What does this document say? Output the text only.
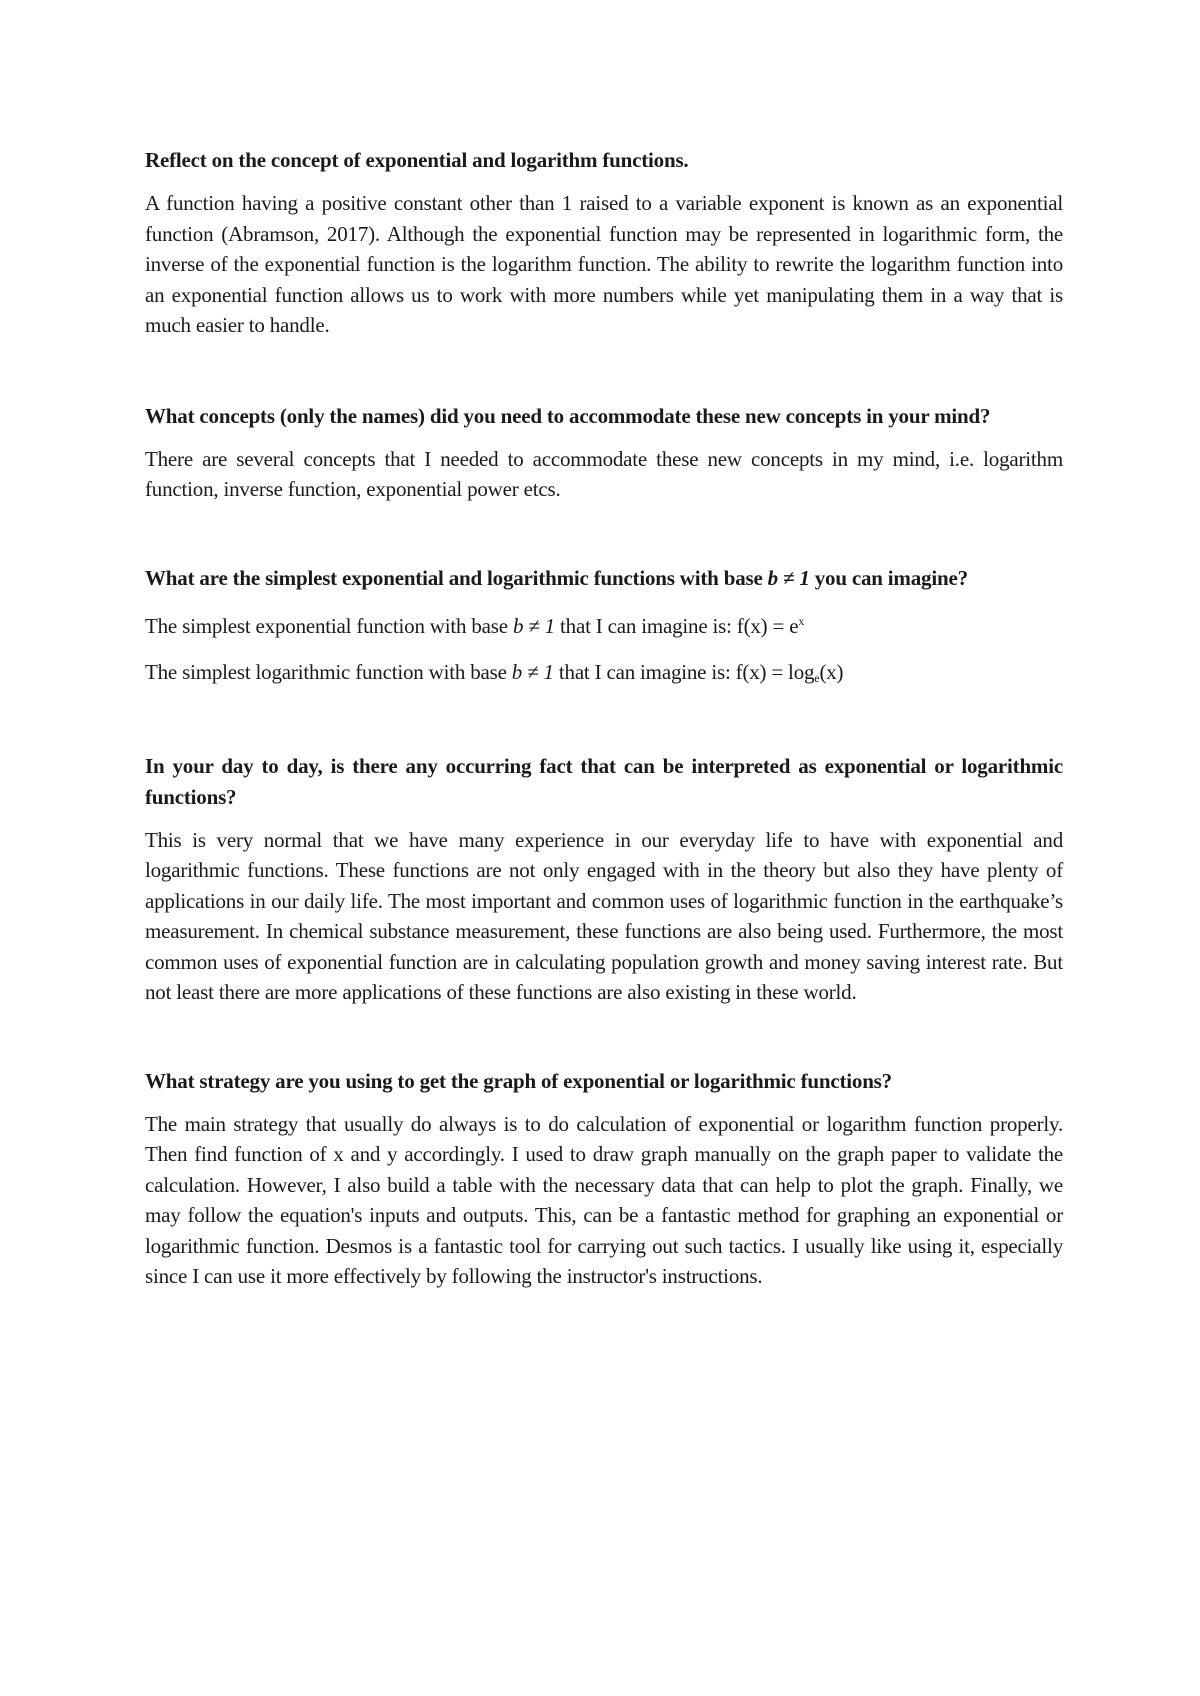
Reflect on the concept of exponential and logarithm functions.

A function having a positive constant other than 1 raised to a variable exponent is known as an exponential function (Abramson, 2017). Although the exponential function may be represented in logarithmic form, the inverse of the exponential function is the logarithm function. The ability to rewrite the logarithm function into an exponential function allows us to work with more numbers while yet manipulating them in a way that is much easier to handle.

What concepts (only the names) did you need to accommodate these new concepts in your mind?

There are several concepts that I needed to accommodate these new concepts in my mind, i.e. logarithm function, inverse function, exponential power etcs.

What are the simplest exponential and logarithmic functions with base b ≠ 1 you can imagine?

The simplest exponential function with base b ≠ 1 that I can imagine is: $f(x) = e^x$

The simplest logarithmic function with base b ≠ 1 that I can imagine is: $f(x) = \log_e(x)$

In your day to day, is there any occurring fact that can be interpreted as exponential or logarithmic functions?

This is very normal that we have many experience in our everyday life to have with exponential and logarithmic functions. These functions are not only engaged with in the theory but also they have plenty of applications in our daily life. The most important and common uses of logarithmic function in the earthquake’s measurement. In chemical substance measurement, these functions are also being used. Furthermore, the most common uses of exponential function are in calculating population growth and money saving interest rate. But not least there are more applications of these functions are also existing in these world.

What strategy are you using to get the graph of exponential or logarithmic functions?

The main strategy that usually do always is to do calculation of exponential or logarithm function properly. Then find function of x and y accordingly. I used to draw graph manually on the graph paper to validate the calculation. However, I also build a table with the necessary data that can help to plot the graph. Finally, we may follow the equation's inputs and outputs. This, can be a fantastic method for graphing an exponential or logarithmic function. Desmos is a fantastic tool for carrying out such tactics. I usually like using it, especially since I can use it more effectively by following the instructor's instructions.
